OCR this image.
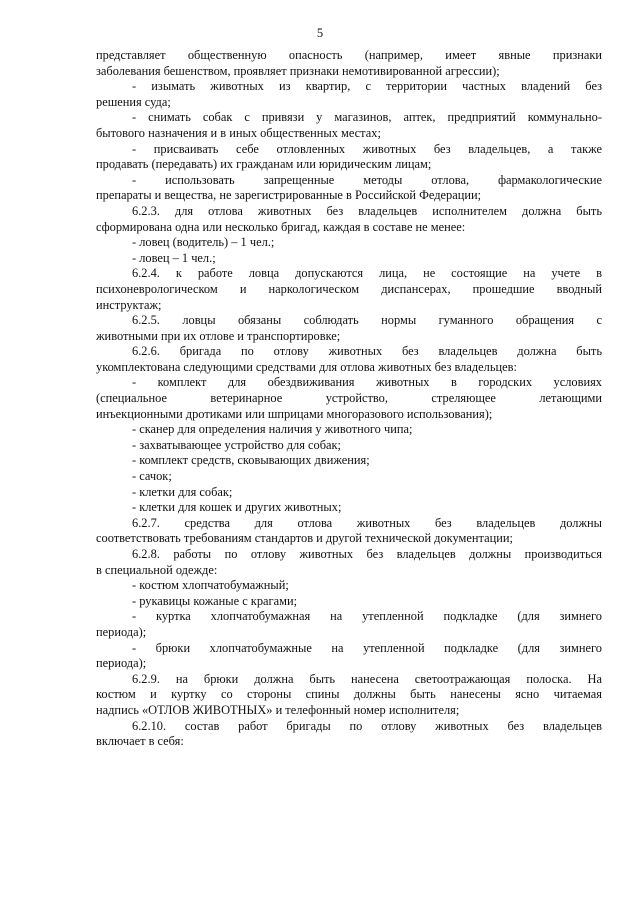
5
представляет общественную опасность (например, имеет явные признаки
заболевания бешенством, проявляет признаки немотивированной агрессии);
- изымать животных из квартир, с территории частных владений без
решения суда;
- снимать собак с привязи у магазинов, аптек, предприятий коммунально-
бытового назначения и в иных общественных местах;
- присваивать себе отловленных животных без владельцев, а также
продавать (передавать) их гражданам или юридическим лицам;
- использовать запрещенные методы отлова, фармакологические
препараты и вещества, не зарегистрированные в Российской Федерации;
6.2.3. для отлова животных без владельцев исполнителем должна быть
сформирована одна или несколько бригад, каждая в составе не менее:
- ловец (водитель) – 1 чел.;
- ловец – 1 чел.;
6.2.4. к работе ловца допускаются лица, не состоящие на учете в
психоневрологическом и наркологическом диспансерах, прошедшие вводный
инструктаж;
6.2.5. ловцы обязаны соблюдать нормы гуманного обращения с
животными при их отлове и транспортировке;
6.2.6. бригада по отлову животных без владельцев должна быть
укомплектована следующими средствами для отлова животных без владельцев:
- комплект для обездвиживания животных в городских условиях
(специальное ветеринарное устройство, стреляющее летающими
инъекционными дротиками или шприцами многоразового использования);
- сканер для определения наличия у животного чипа;
- захватывающее устройство для собак;
- комплект средств, сковывающих движения;
- сачок;
- клетки для собак;
- клетки для кошек и других животных;
6.2.7. средства для отлова животных без владельцев должны
соответствовать требованиям стандартов и другой технической документации;
6.2.8. работы по отлову животных без владельцев должны производиться
в специальной одежде:
- костюм хлопчатобумажный;
- рукавицы кожаные с крагами;
- куртка хлопчатобумажная на утепленной подкладке (для зимнего
периода);
- брюки хлопчатобумажные на утепленной подкладке (для зимнего
периода);
6.2.9. на брюки должна быть нанесена светоотражающая полоска. На
костюм и куртку со стороны спины должны быть нанесены ясно читаемая
надпись «ОТЛОВ ЖИВОТНЫХ» и телефонный номер исполнителя;
6.2.10. состав работ бригады по отлову животных без владельцев
включает в себя:
